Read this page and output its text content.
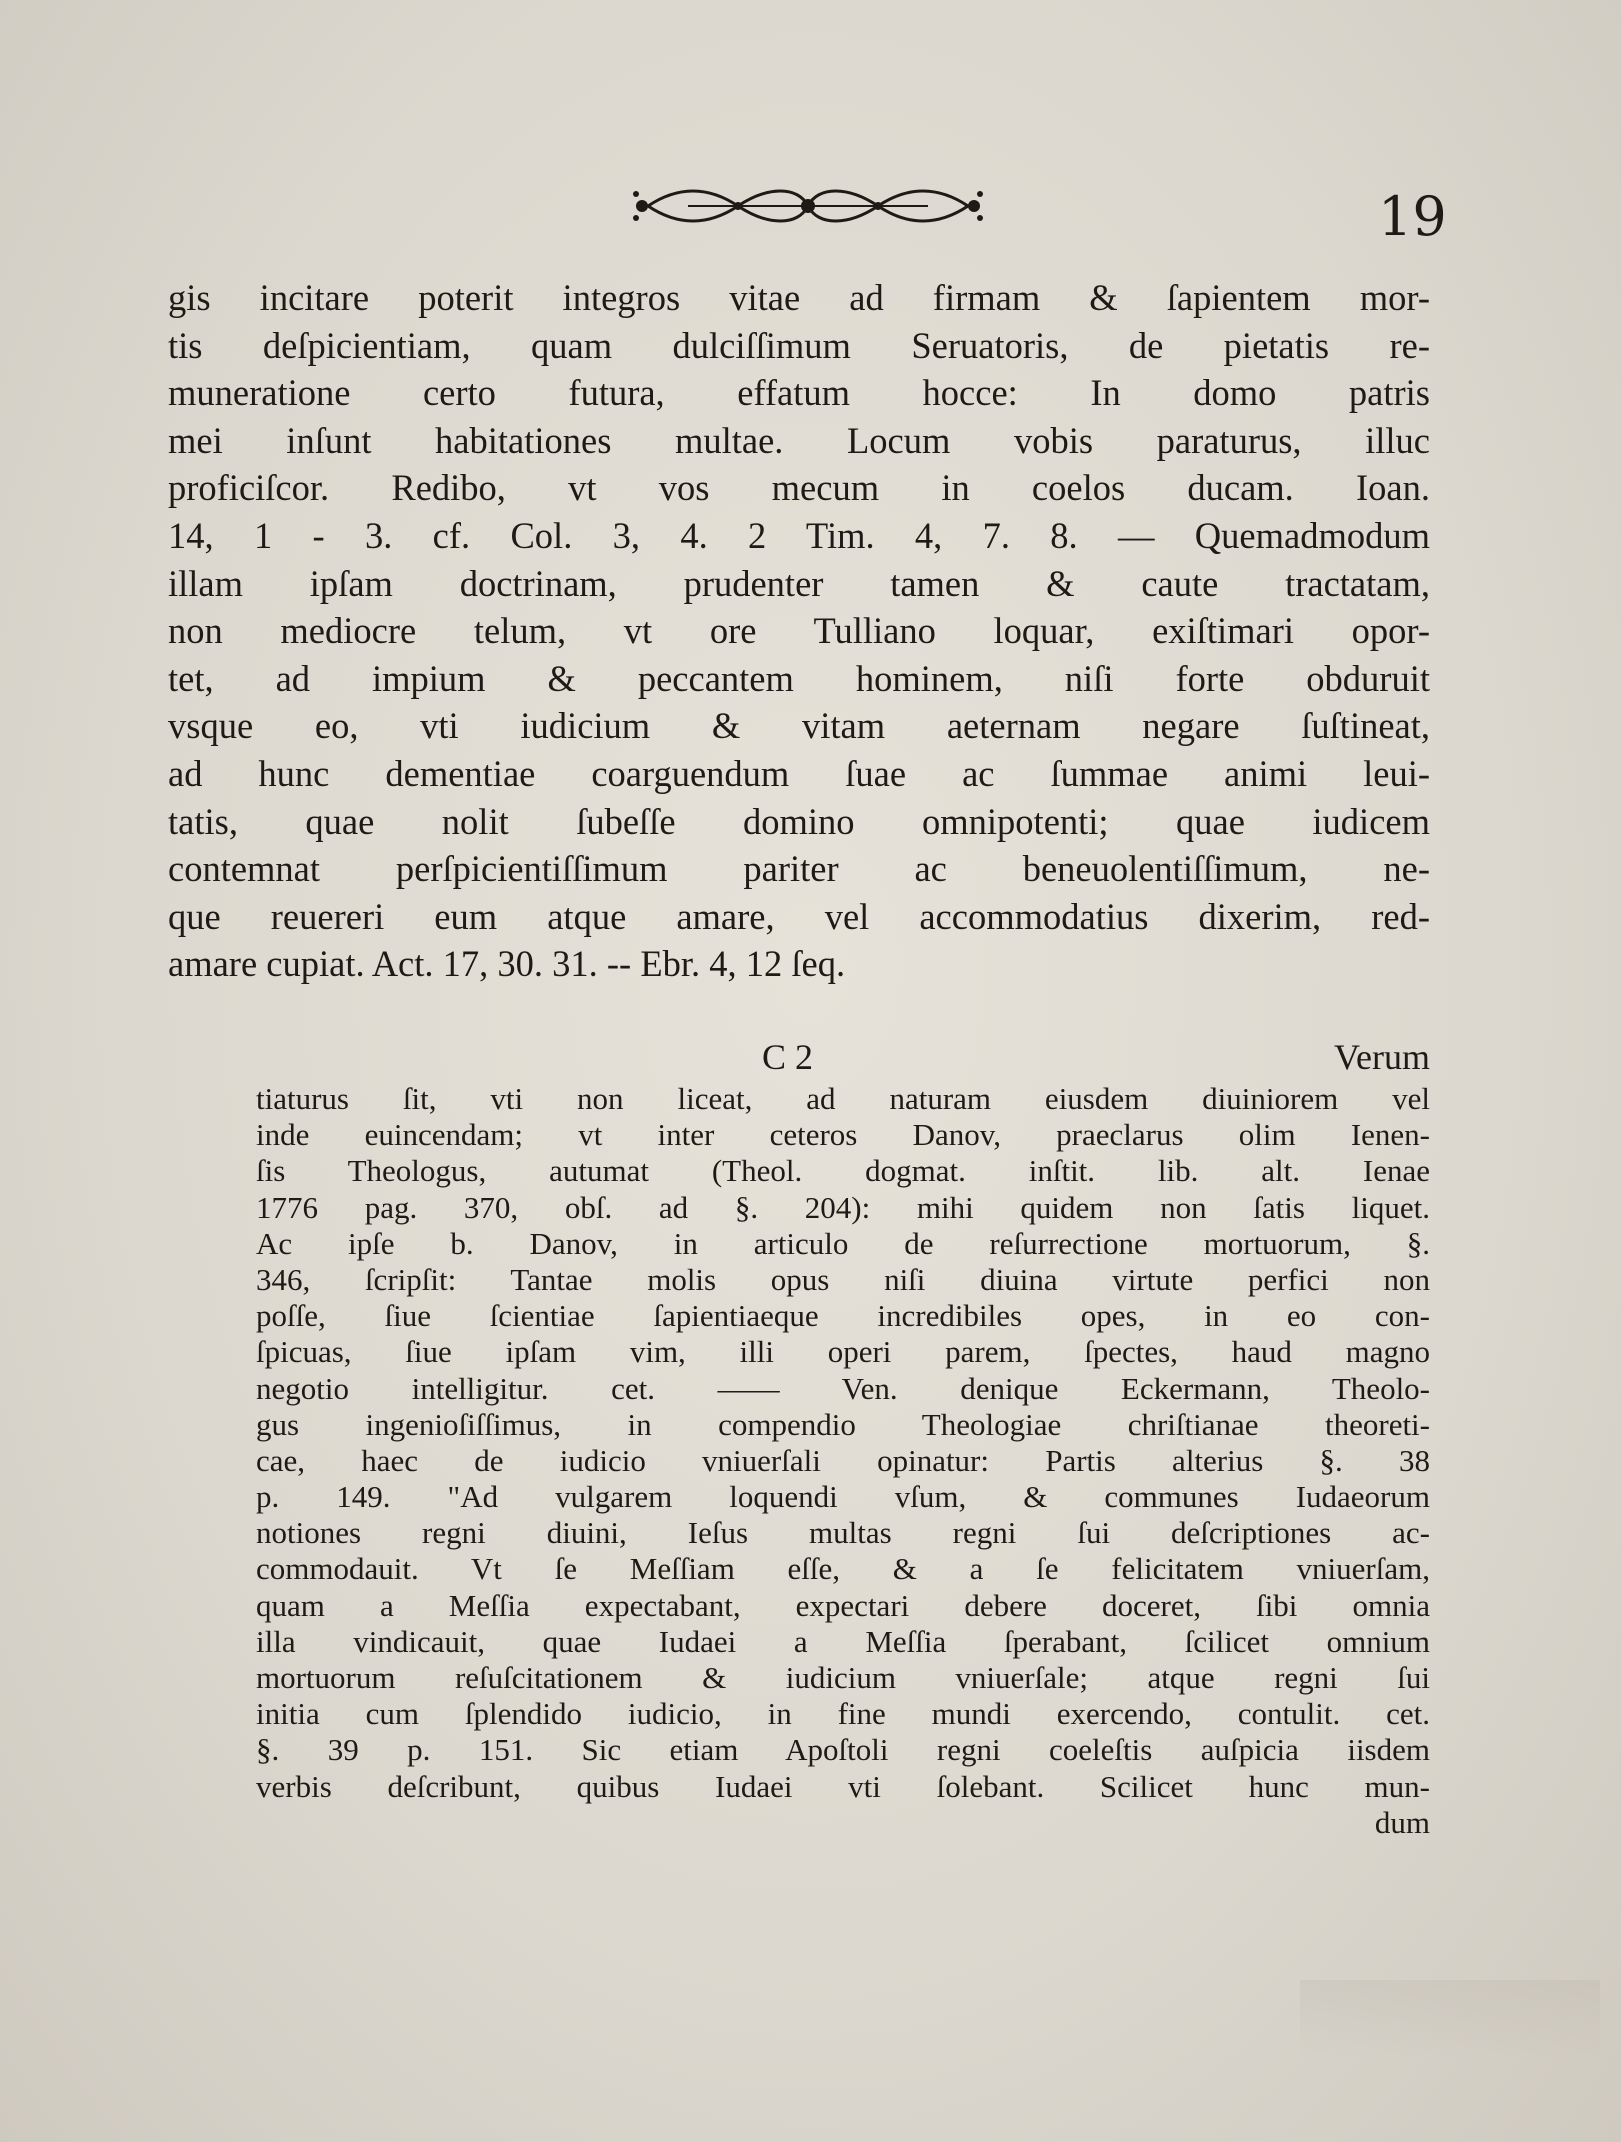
19
gis incitare poterit integros vitae ad firmam & ſapientem mor-
tis deſpicientiam, quam dulciſſimum Seruatoris, de pietatis re-
muneratione certo futura, effatum hocce: In domo patris
mei inſunt habitationes multae. Locum vobis paraturus, illuc
proficiſcor. Redibo, vt vos mecum in coelos ducam. Ioan.
14, 1 - 3. cf. Col. 3, 4. 2 Tim. 4, 7. 8. — Quemadmodum
illam ipſam doctrinam, prudenter tamen & caute tractatam,
non mediocre telum, vt ore Tulliano loquar, exiſtimari opor-
tet, ad impium & peccantem hominem, niſi forte obduruit
vsque eo, vti iudicium & vitam aeternam negare ſuſtineat,
ad hunc dementiae coarguendum ſuae ac ſummae animi leui-
tatis, quae nolit ſubeſſe domino omnipotenti; quae iudicem
contemnat perſpicientiſſimum pariter ac beneuolentiſſimum, ne-
que reuereri eum atque amare, vel accommodatius dixerim, red-
amare cupiat. Act. 17, 30. 31. -- Ebr. 4, 12 ſeq.
C 2	Verum
tiaturus ſit, vti non liceat, ad naturam eiusdem diuiniorem vel
inde euincendam; vt inter ceteros Danov, praeclarus olim Ienen-
ſis Theologus, autumat (Theol. dogmat. inſtit. lib. alt. Ienae
1776 pag. 370, obſ. ad §. 204): mihi quidem non ſatis liquet.
Ac ipſe b. Danov, in articulo de reſurrectione mortuorum, §.
346, ſcripſit: Tantae molis opus niſi diuina virtute perfici non
poſſe, ſiue ſcientiae ſapientiaeque incredibiles opes, in eo con-
ſpicuas, ſiue ipſam vim, illi operi parem, ſpectes, haud magno
negotio intelligitur. cet. —— Ven. denique Eckermann, Theolo-
gus ingenioſiſſimus, in compendio Theologiae chriſtianae theoreti-
cae, haec de iudicio vniuerſali opinatur: Partis alterius §. 38
p. 149. "Ad vulgarem loquendi vſum, & communes Iudaeorum
notiones regni diuini, Ieſus multas regni ſui deſcriptiones ac-
commodauit. Vt ſe Meſſiam eſſe, & a ſe felicitatem vniuerſam,
quam a Meſſia expectabant, expectari debere doceret, ſibi omnia
illa vindicauit, quae Iudaei a Meſſia ſperabant, ſcilicet omnium
mortuorum reſuſcitationem & iudicium vniuerſale; atque regni ſui
initia cum ſplendido iudicio, in fine mundi exercendo, contulit. cet.
§. 39 p. 151. Sic etiam Apoſtoli regni coeleſtis auſpicia iisdem
verbis deſcribunt, quibus Iudaei vti ſolebant. Scilicet hunc mun-
dum
